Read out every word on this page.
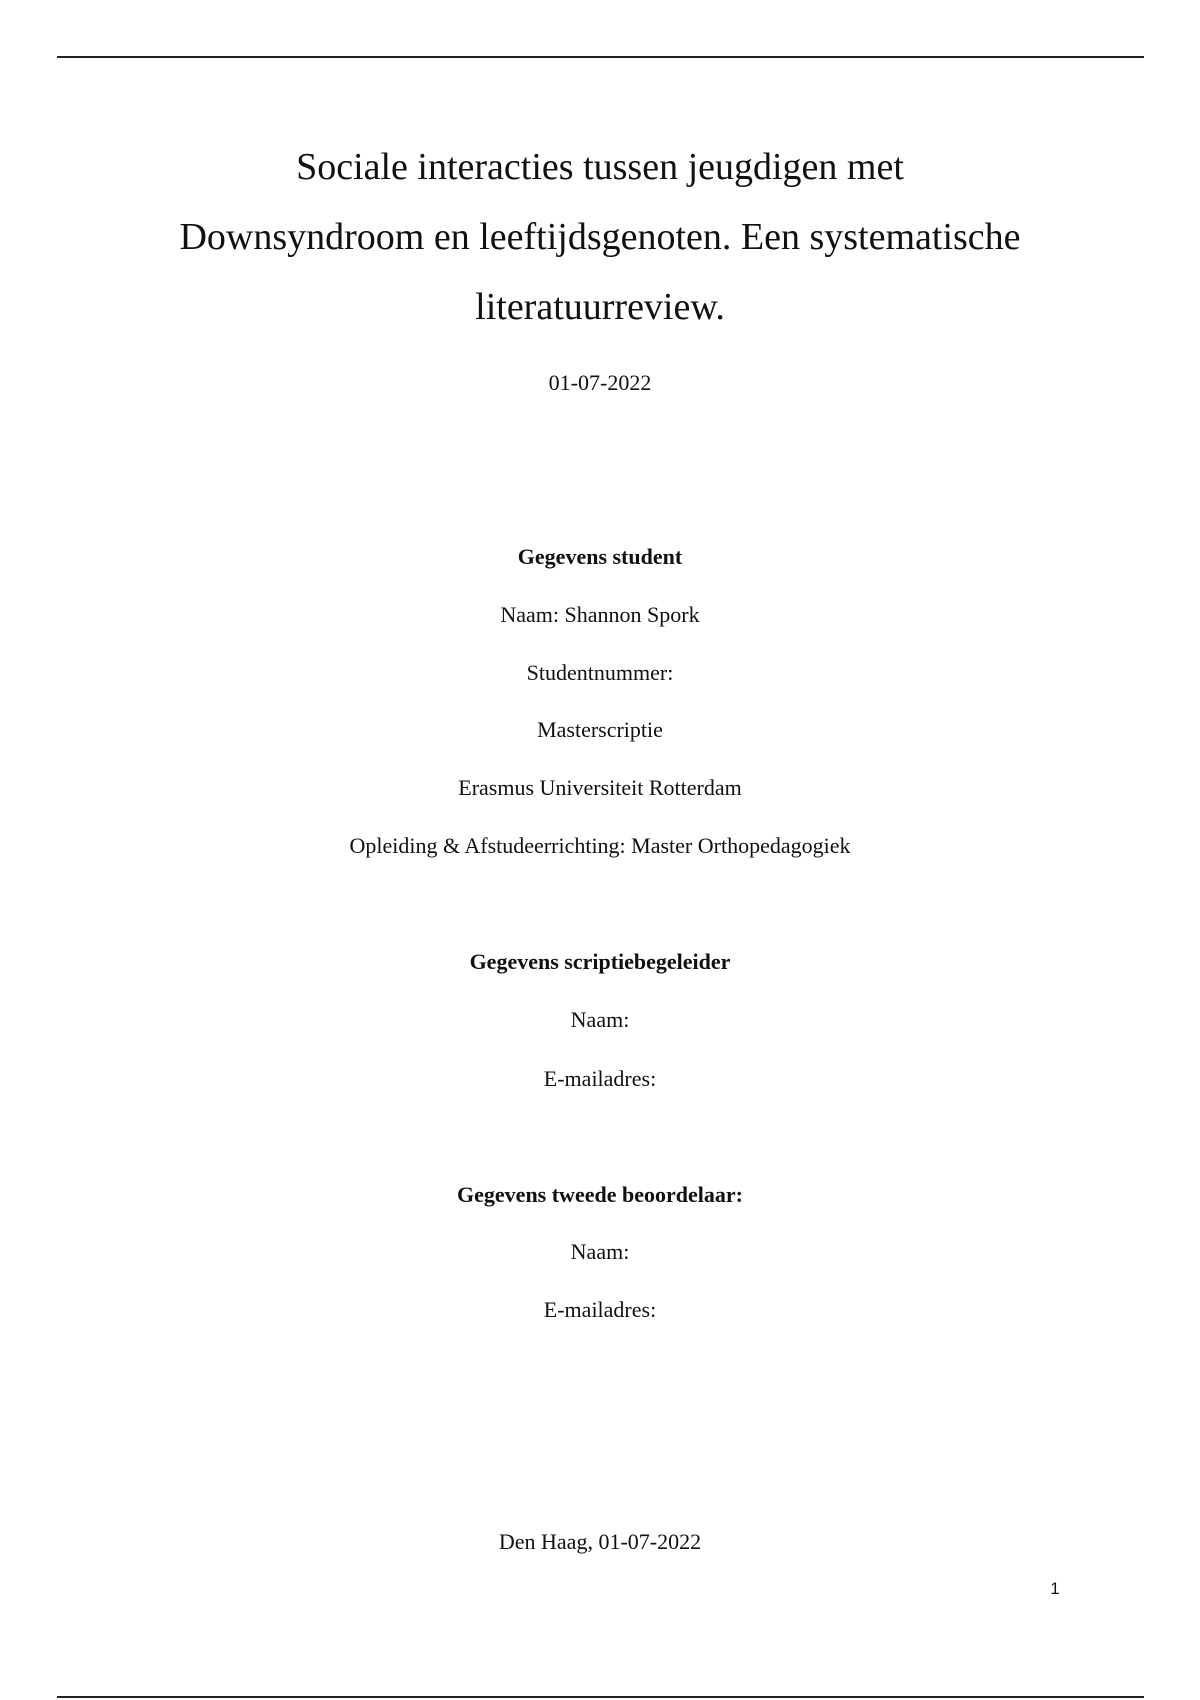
Sociale interacties tussen jeugdigen met
Downsyndroom en leeftijdsgenoten. Een systematische
literatuurreview.
01-07-2022
Gegevens student
Naam: Shannon Spork
Studentnummer:
Masterscriptie
Erasmus Universiteit Rotterdam
Opleiding & Afstudeerrichting: Master Orthopedagogiek
Gegevens scriptiebegeleider
Naam:
E-mailadres:
Gegevens tweede beoordelaar:
Naam:
E-mailadres:
Den Haag, 01-07-2022
1
